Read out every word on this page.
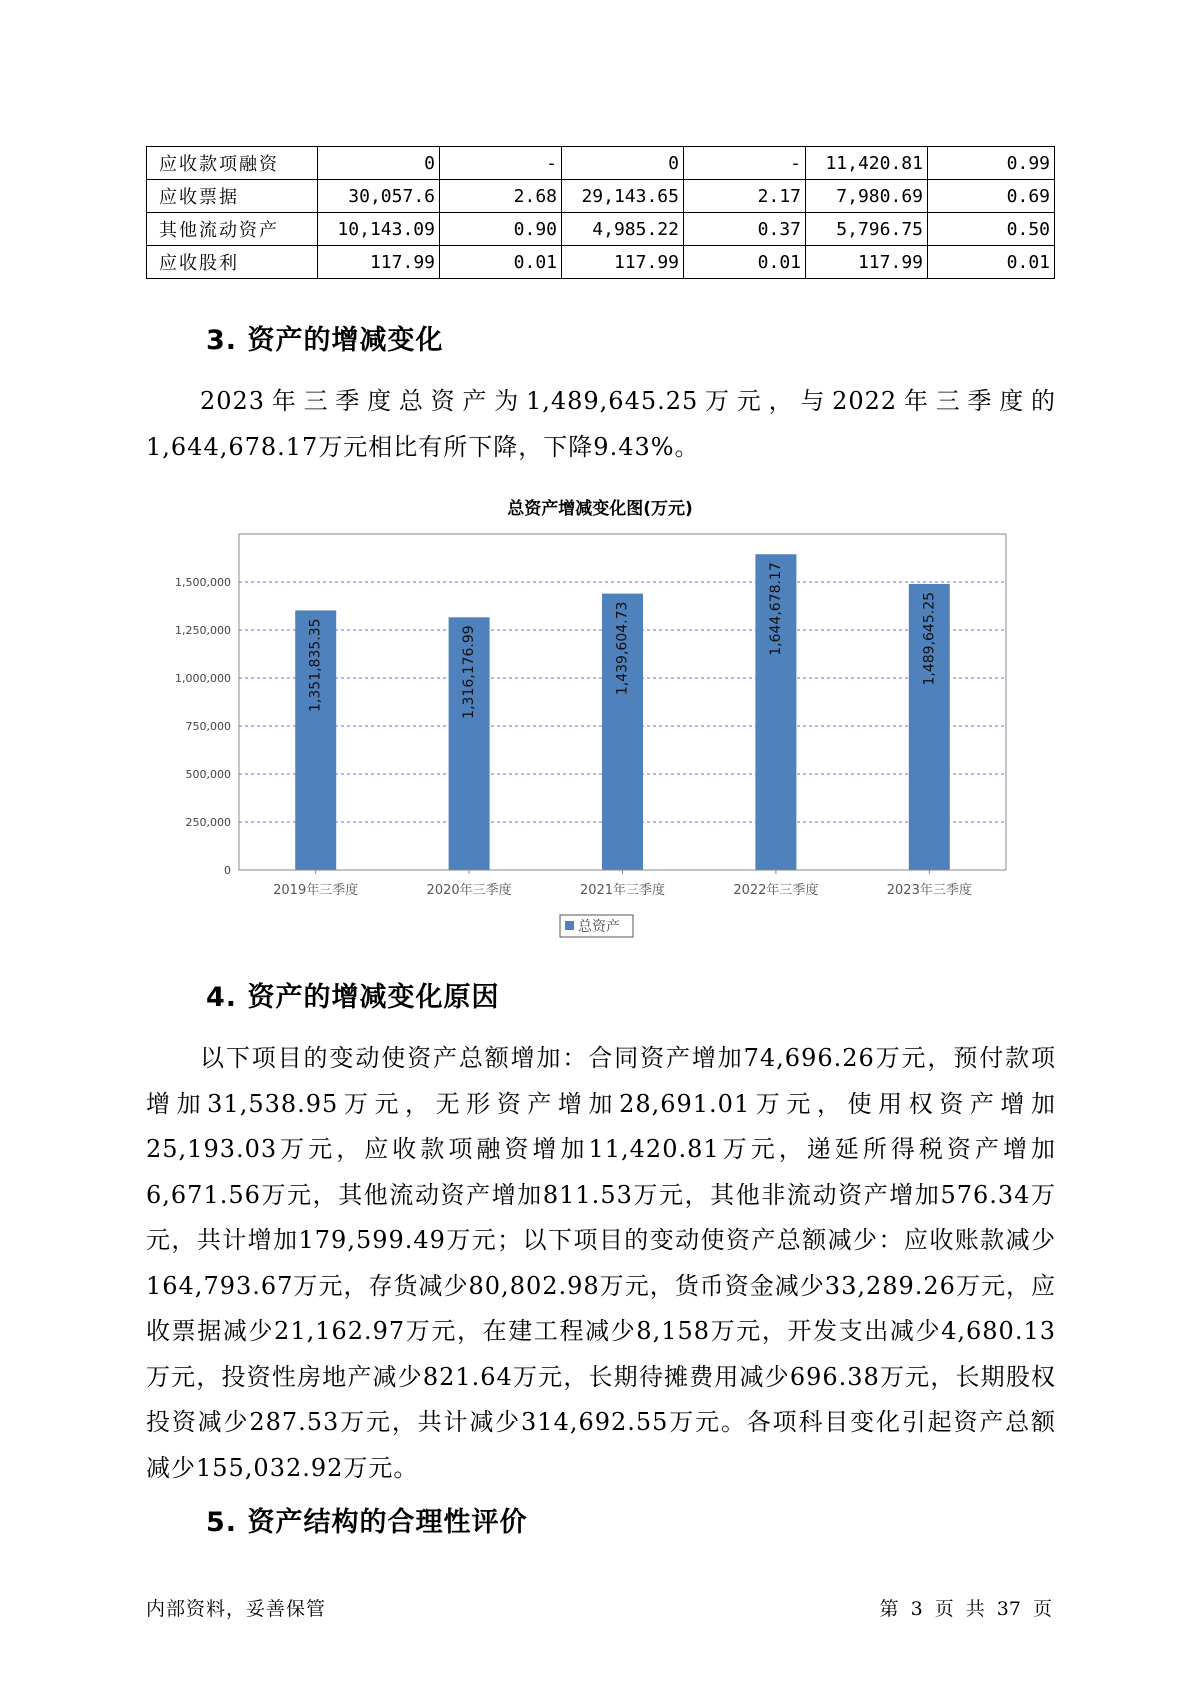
应收款项融资	0	-	0	-	11,420.81	0.99
应收票据	30,057.6	2.68	29,143.65	2.17	7,980.69	0.69
其他流动资产	10,143.09	0.90	4,985.22	0.37	5,796.75	0.50
应收股利	117.99	0.01	117.99	0.01	117.99	0.01
3. 资产的增减变化

2023年三季度总资产为1,489,645.25万元，与2022年三季度的1,644,678.17万元相比有所下降，下降9.43%。

总资产增减变化图(万元)
0
250,000
500,000
750,000
1,000,000
1,250,000
1,500,000
1,351,835.35	1,316,176.99	1,439,604.73	1,644,678.17	1,489,645.25
2019年三季度	2020年三季度	2021年三季度	2022年三季度	2023年三季度
总资产
4. 资产的增减变化原因

以下项目的变动使资产总额增加：合同资产增加74,696.26万元，预付款项增加31,538.95万元，无形资产增加28,691.01万元，使用权资产增加25,193.03万元，应收款项融资增加11,420.81万元，递延所得税资产增加6,671.56万元，其他流动资产增加811.53万元，其他非流动资产增加576.34万元，共计增加179,599.49万元；以下项目的变动使资产总额减少：应收账款减少164,793.67万元，存货减少80,802.98万元，货币资金减少33,289.26万元，应收票据减少21,162.97万元，在建工程减少8,158万元，开发支出减少4,680.13万元，投资性房地产减少821.64万元，长期待摊费用减少696.38万元，长期股权投资减少287.53万元，共计减少314,692.55万元。各项科目变化引起资产总额减少155,032.92万元。

5. 资产结构的合理性评价
内部资料，妥善保管	第 3 页 共 37 页
